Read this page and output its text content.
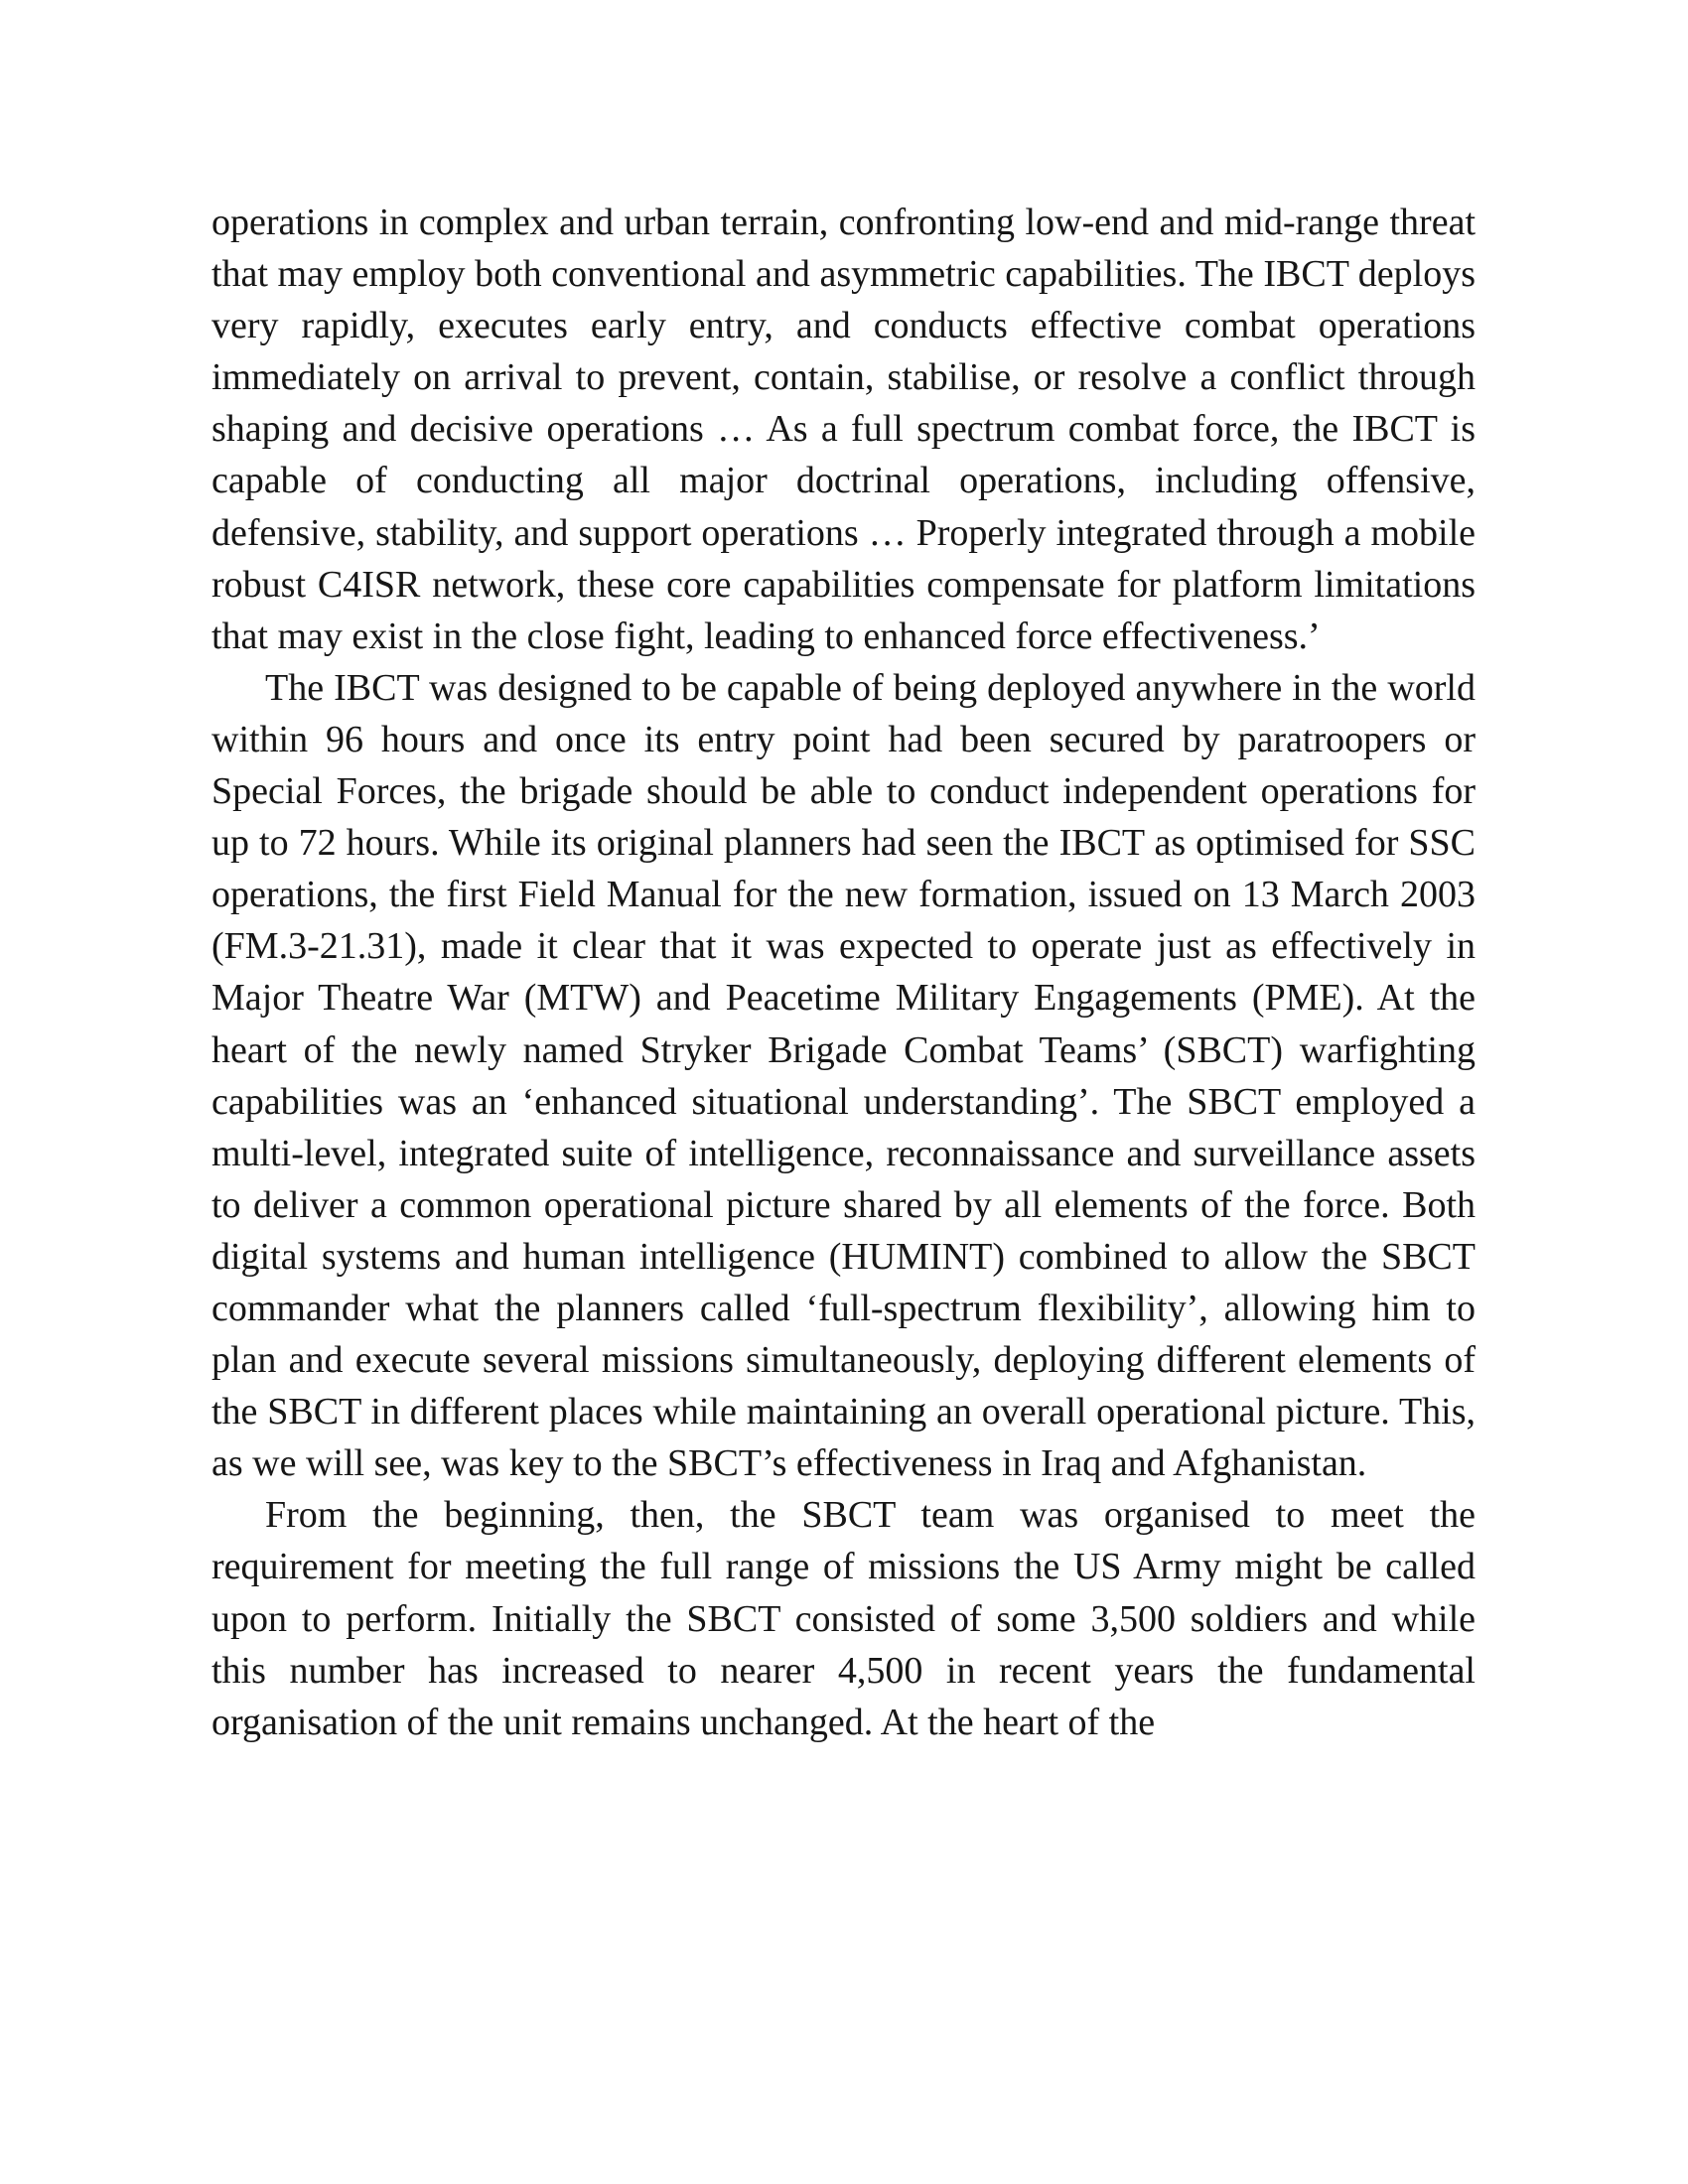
operations in complex and urban terrain, confronting low-end and mid-range threat that may employ both conventional and asymmetric capabilities. The IBCT deploys very rapidly, executes early entry, and conducts effective combat operations immediately on arrival to prevent, contain, stabilise, or resolve a conflict through shaping and decisive operations … As a full spectrum combat force, the IBCT is capable of conducting all major doctrinal operations, including offensive, defensive, stability, and support operations … Properly integrated through a mobile robust C4ISR network, these core capabilities compensate for platform limitations that may exist in the close fight, leading to enhanced force effectiveness.’

The IBCT was designed to be capable of being deployed anywhere in the world within 96 hours and once its entry point had been secured by paratroopers or Special Forces, the brigade should be able to conduct independent operations for up to 72 hours. While its original planners had seen the IBCT as optimised for SSC operations, the first Field Manual for the new formation, issued on 13 March 2003 (FM.3-21.31), made it clear that it was expected to operate just as effectively in Major Theatre War (MTW) and Peacetime Military Engagements (PME). At the heart of the newly named Stryker Brigade Combat Teams’ (SBCT) warfighting capabilities was an ‘enhanced situational understanding’. The SBCT employed a multi-level, integrated suite of intelligence, reconnaissance and surveillance assets to deliver a common operational picture shared by all elements of the force. Both digital systems and human intelligence (HUMINT) combined to allow the SBCT commander what the planners called ‘full-spectrum flexibility’, allowing him to plan and execute several missions simultaneously, deploying different elements of the SBCT in different places while maintaining an overall operational picture. This, as we will see, was key to the SBCT’s effectiveness in Iraq and Afghanistan.

From the beginning, then, the SBCT team was organised to meet the requirement for meeting the full range of missions the US Army might be called upon to perform. Initially the SBCT consisted of some 3,500 soldiers and while this number has increased to nearer 4,500 in recent years the fundamental organisation of the unit remains unchanged. At the heart of the
